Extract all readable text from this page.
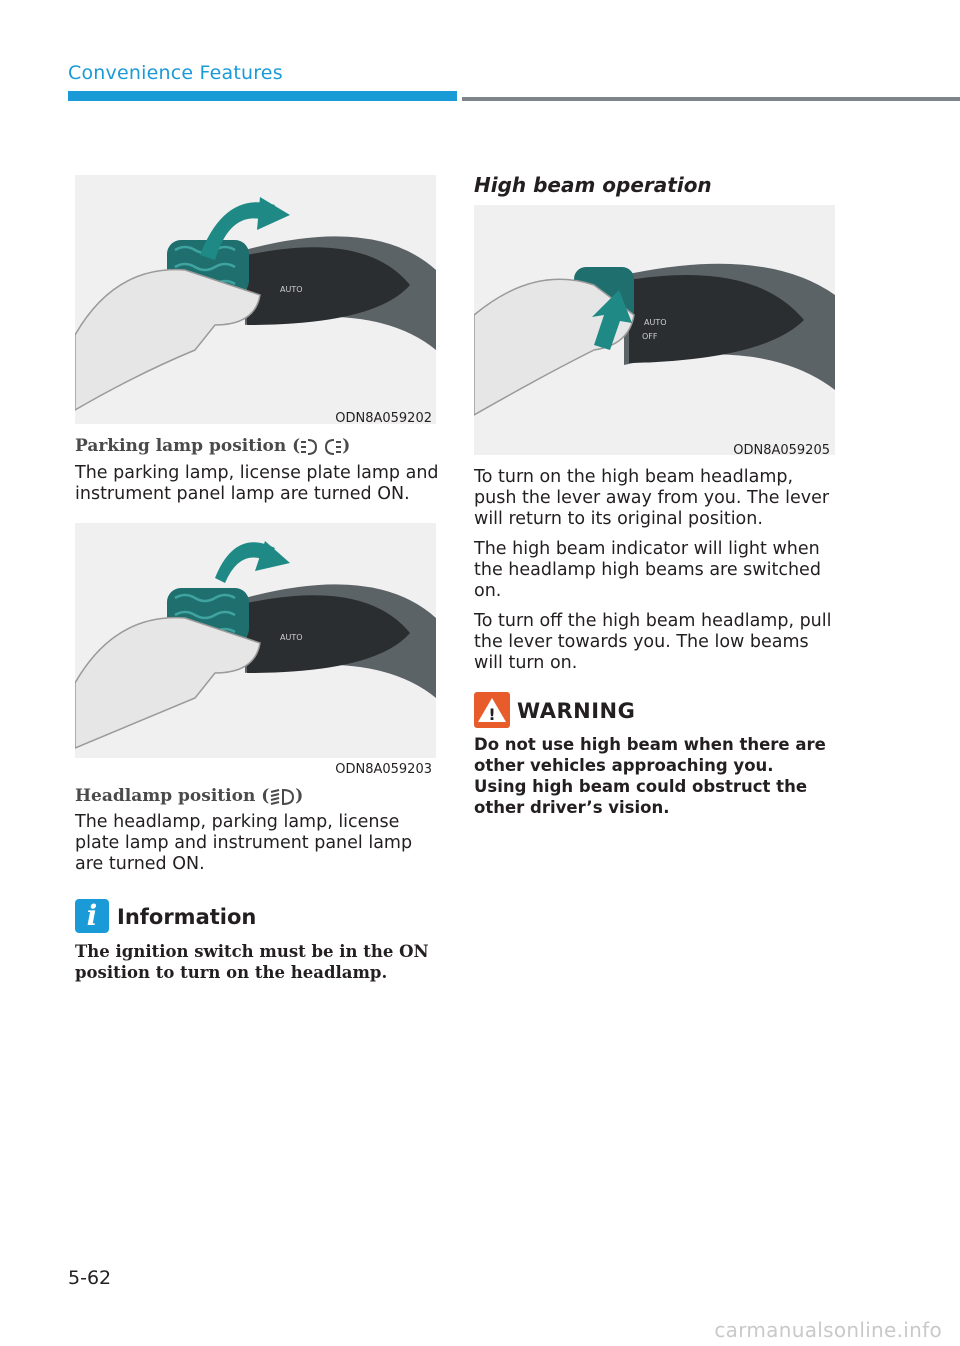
Convenience Features
AUTO
ODN8A059202
Parking lamp position ( )

The parking lamp, license plate lamp and instrument panel lamp are turned ON.

AUTO
ODN8A059203
Headlamp position ( )

The headlamp, parking lamp, license plate lamp and instrument panel lamp are turned ON.

i Information
The ignition switch must be in the ON position to turn on the headlamp.
High beam operation
AUTO
OFF
ODN8A059205

To turn on the high beam headlamp, push the lever away from you. The lever will return to its original position.

The high beam indicator will light when the headlamp high beams are switched on.

To turn off the high beam headlamp, pull the lever towards you. The low beams will turn on.

! WARNING
Do not use high beam when there are other vehicles approaching you. Using high beam could obstruct the other driver’s vision.
5-62
carmanualsonline.info
